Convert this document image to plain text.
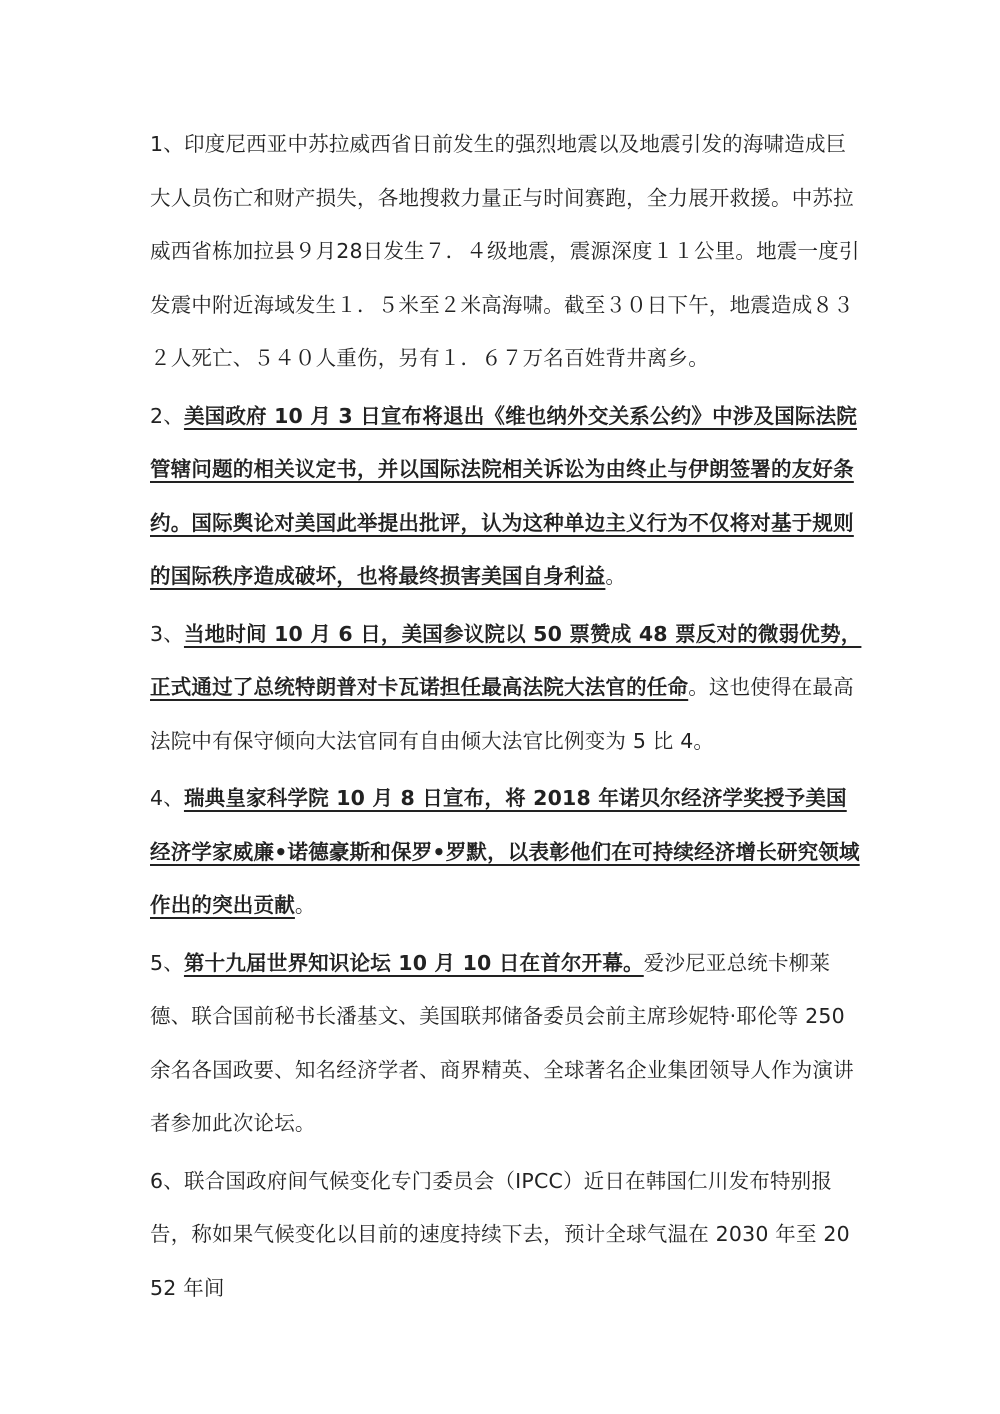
1、印度尼西亚中苏拉威西省日前发生的强烈地震以及地震引发的海啸造成巨大人员伤亡和财产损失，各地搜救力量正与时间赛跑，全力展开救援。中苏拉威西省栋加拉县９月28日发生７．４级地震，震源深度１１公里。地震一度引发震中附近海域发生１．５米至２米高海啸。截至３０日下午，地震造成８３２人死亡、５４０人重伤，另有１．６７万名百姓背井离乡。

2、美国政府 10 月 3 日宣布将退出《维也纳外交关系公约》中涉及国际法院管辖问题的相关议定书，并以国际法院相关诉讼为由终止与伊朗签署的友好条约。国际舆论对美国此举提出批评，认为这种单边主义行为不仅将对基于规则的国际秩序造成破坏，也将最终损害美国自身利益。

3、当地时间 10 月 6 日，美国参议院以 50 票赞成 48 票反对的微弱优势，正式通过了总统特朗普对卡瓦诺担任最高法院大法官的任命。这也使得在最高法院中有保守倾向大法官同有自由倾大法官比例变为 5 比 4。

4、瑞典皇家科学院 10 月 8 日宣布，将 2018 年诺贝尔经济学奖授予美国经济学家威廉•诺德豪斯和保罗•罗默，以表彰他们在可持续经济增长研究领域作出的突出贡献。

5、第十九届世界知识论坛 10 月 10 日在首尔开幕。爱沙尼亚总统卡柳莱德、联合国前秘书长潘基文、美国联邦储备委员会前主席珍妮特·耶伦等 250 余名各国政要、知名经济学者、商界精英、全球著名企业集团领导人作为演讲者参加此次论坛。

6、联合国政府间气候变化专门委员会（IPCC）近日在韩国仁川发布特别报告，称如果气候变化以目前的速度持续下去，预计全球气温在 2030 年至 2052 年间
